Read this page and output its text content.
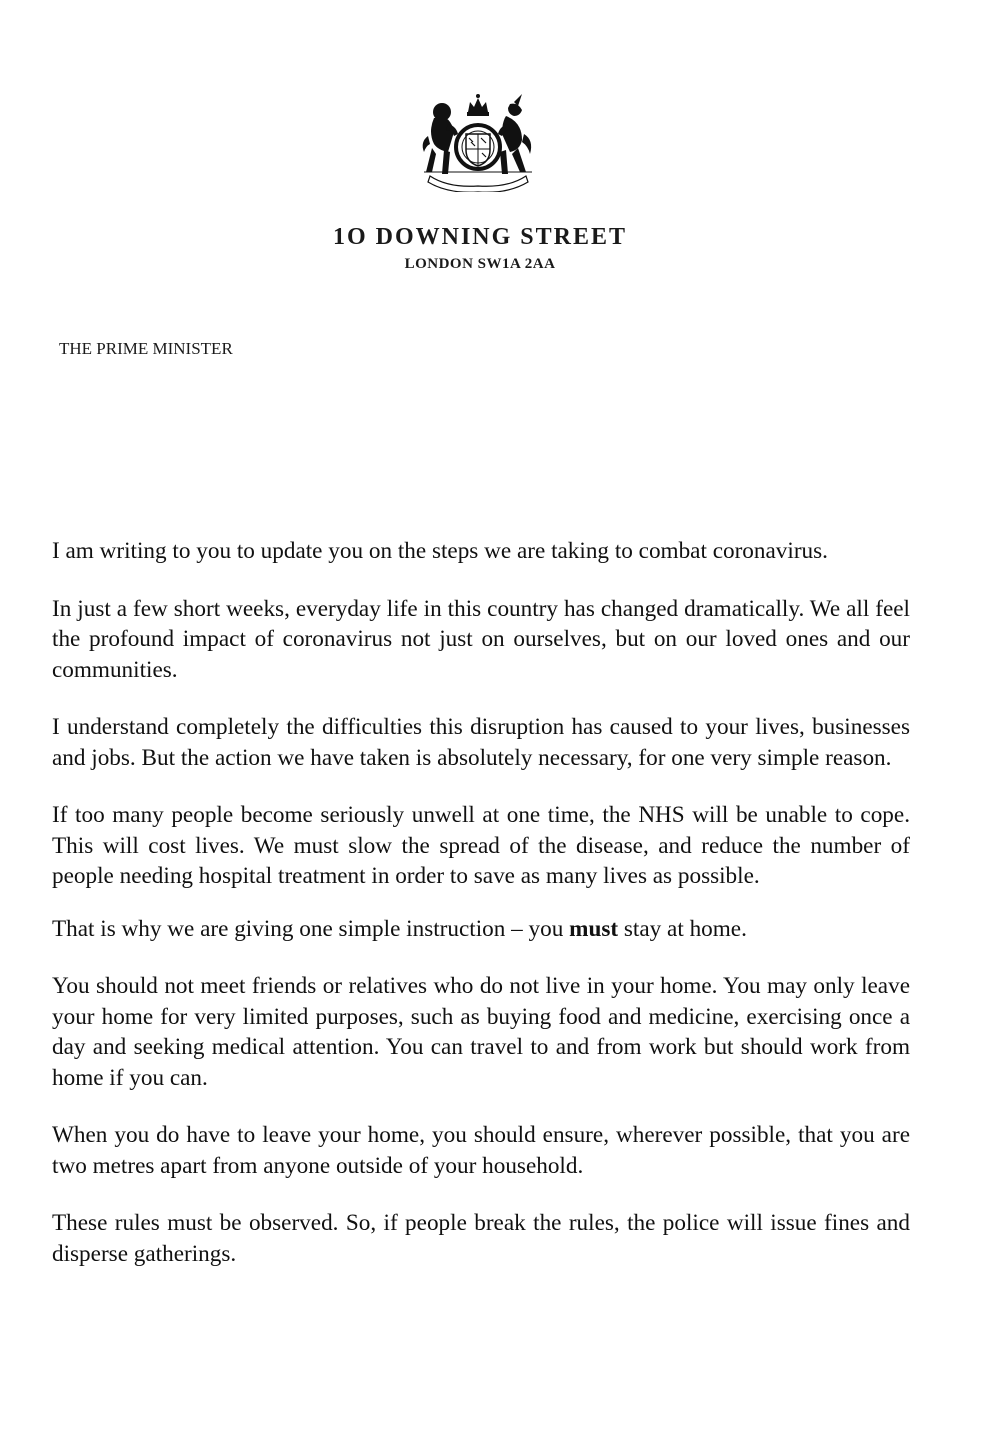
1O DOWNING STREET
LONDON SW1A 2AA
THE PRIME MINISTER

I am writing to you to update you on the steps we are taking to combat coronavirus.

In just a few short weeks, everyday life in this country has changed dramatically. We all feel the profound impact of coronavirus not just on ourselves, but on our loved ones and our communities.

I understand completely the difficulties this disruption has caused to your lives, businesses and jobs. But the action we have taken is absolutely necessary, for one very simple reason.

If too many people become seriously unwell at one time, the NHS will be unable to cope. This will cost lives. We must slow the spread of the disease, and reduce the number of people needing hospital treatment in order to save as many lives as possible.

That is why we are giving one simple instruction – you must stay at home.

You should not meet friends or relatives who do not live in your home. You may only leave your home for very limited purposes, such as buying food and medicine, exercising once a day and seeking medical attention. You can travel to and from work but should work from home if you can.

When you do have to leave your home, you should ensure, wherever possible, that you are two metres apart from anyone outside of your household.

These rules must be observed. So, if people break the rules, the police will issue fines and disperse gatherings.
